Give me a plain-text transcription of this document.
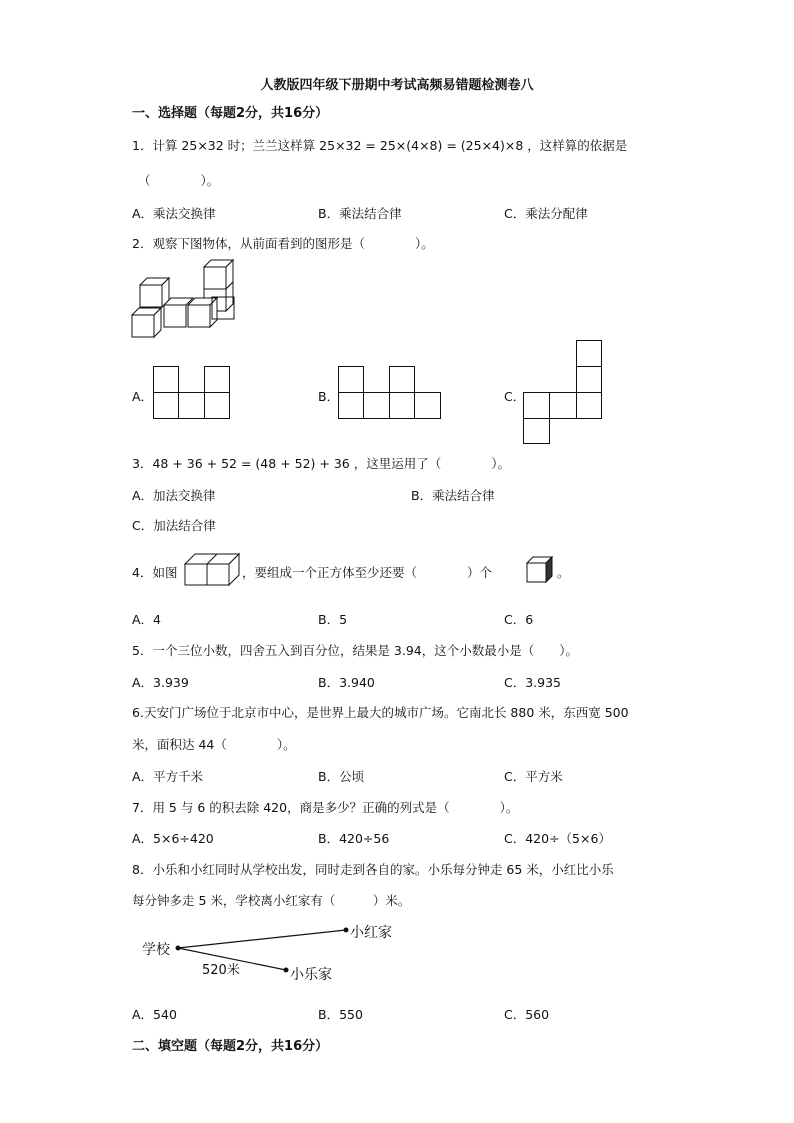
人教版四年级下册期中考试高频易错题检测卷八
一、选择题（每题2分，共16分）
1．计算 25×32 时；兰兰这样算 25×32 = 25×(4×8) = (25×4)×8 ，这样算的依据是
（　　　　）。
A．乘法交换律	B．乘法结合律	C．乘法分配律
2．观察下图物体，从前面看到的图形是（　　　　）。
A．	B．	C．
3．48 + 36 + 52 = (48 + 52) + 36 ，这里运用了（　　　　）。
A．加法交换律	B．乘法结合律
C．加法结合律
4．如图	，要组成一个正方体至少还要（　　　　）个	。
A．4	B．5	C．6
5．一个三位小数，四舍五入到百分位，结果是 3.94，这个小数最小是（　　）。
A．3.939	B．3.940	C．3.935
6.天安门广场位于北京市中心，是世界上最大的城市广场。它南北长 880 米，东西宽 500
米，面积达 44（　　　　）。
A．平方千米	B．公顷	C．平方米
7．用 5 与 6 的积去除 420，商是多少？正确的列式是（　　　　）。
A．5×6÷420	B．420÷56	C．420÷（5×6）
8．小乐和小红同时从学校出发，同时走到各自的家。小乐每分钟走 65 米，小红比小乐
每分钟多走 5 米，学校离小红家有（　　　）米。
学校
小红家
小乐家
520米
A．540	B．550	C．560
二、填空题（每题2分，共16分）
